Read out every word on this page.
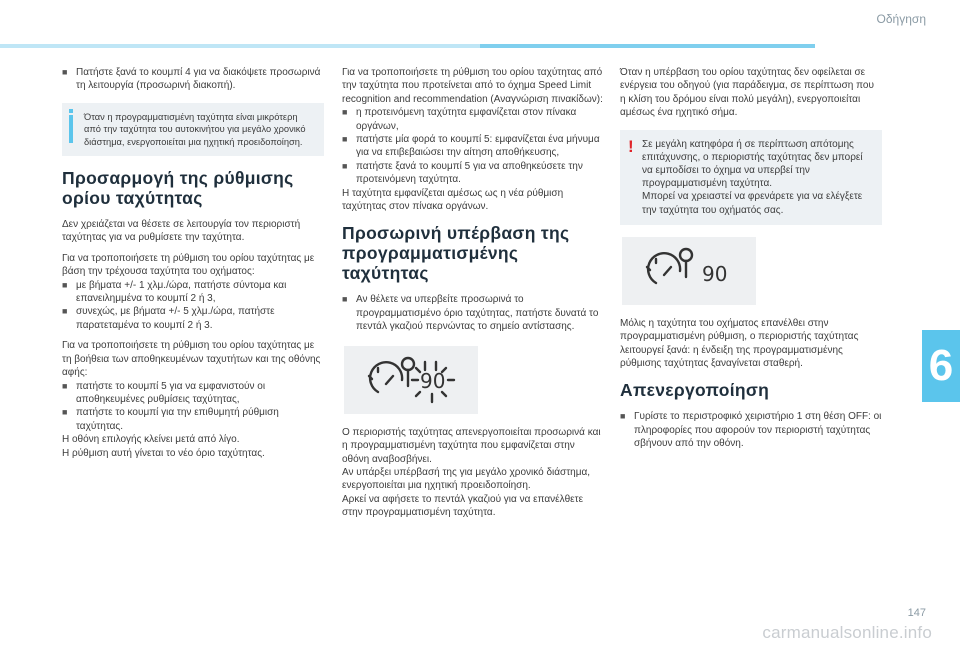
Οδήγηση
6
■ Πατήστε ξανά το κουμπί 4 για να διακόψετε προσωρινά τη λειτουργία (προσωρινή διακοπή).
Όταν η προγραμματισμένη ταχύτητα είναι μικρότερη από την ταχύτητα του αυτοκινήτου για μεγάλο χρονικό διάστημα, ενεργοποιείται μια ηχητική προειδοποίηση.
Προσαρμογή της ρύθμισης ορίου ταχύτητας

Δεν χρειάζεται να θέσετε σε λειτουργία τον περιοριστή ταχύτητας για να ρυθμίσετε την ταχύτητα.

Για να τροποποιήσετε τη ρύθμιση του ορίου ταχύτητας με βάση την τρέχουσα ταχύτητα του οχήματος:

■ με βήματα +/- 1 χλμ./ώρα, πατήστε σύντομα και επανειλημμένα το κουμπί 2 ή 3,
■ συνεχώς, με βήματα +/- 5 χλμ./ώρα, πατήστε παρατεταμένα το κουμπί 2 ή 3.

Για να τροποποιήσετε τη ρύθμιση του ορίου ταχύτητας με τη βοήθεια των αποθηκευμένων ταχυτήτων και της οθόνης αφής:

■ πατήστε το κουμπί 5 για να εμφανιστούν οι αποθηκευμένες ρυθμίσεις ταχύτητας,
■ πατήστε το κουμπί για την επιθυμητή ρύθμιση ταχύτητας.

Η οθόνη επιλογής κλείνει μετά από λίγο.

Η ρύθμιση αυτή γίνεται το νέο όριο ταχύτητας.

Για να τροποποιήσετε τη ρύθμιση του ορίου ταχύτητας από την ταχύτητα που προτείνεται από το όχημα Speed Limit recognition and recommendation (Αναγνώριση πινακίδων):

■ η προτεινόμενη ταχύτητα εμφανίζεται στον πίνακα οργάνων,
■ πατήστε μία φορά το κουμπί 5: εμφανίζεται ένα μήνυμα για να επιβεβαιώσει την αίτηση αποθήκευσης,
■ πατήστε ξανά το κουμπί 5 για να αποθηκεύσετε την προτεινόμενη ταχύτητα.

Η ταχύτητα εμφανίζεται αμέσως ως η νέα ρύθμιση ταχύτητας στον πίνακα οργάνων.

Προσωρινή υπέρβαση της προγραμματισμένης ταχύτητας
■ Αν θέλετε να υπερβείτε προσωρινά το προγραμματισμένο όριο ταχύτητας, πατήστε δυνατά το πεντάλ γκαζιού περνώντας το σημείο αντίστασης.
90

Ο περιοριστής ταχύτητας απενεργοποιείται προσωρινά και η προγραμματισμένη ταχύτητα που εμφανίζεται στην οθόνη αναβοσβήνει.

Αν υπάρξει υπέρβασή της για μεγάλο χρονικό διάστημα, ενεργοποιείται μια ηχητική προειδοποίηση.

Αρκεί να αφήσετε το πεντάλ γκαζιού για να επανέλθετε στην προγραμματισμένη ταχύτητα.

Όταν η υπέρβαση του ορίου ταχύτητας δεν οφείλεται σε ενέργεια του οδηγού (για παράδειγμα, σε περίπτωση που η κλίση του δρόμου είναι πολύ μεγάλη), ενεργοποιείται αμέσως ένα ηχητικό σήμα.

! Σε μεγάλη κατηφόρα ή σε περίπτωση απότομης επιτάχυνσης, ο περιοριστής ταχύτητας δεν μπορεί να εμποδίσει το όχημα να υπερβεί την προγραμματισμένη ταχύτητα.
Μπορεί να χρειαστεί να φρενάρετε για να ελέγξετε την ταχύτητα του οχήματός σας.
90

Μόλις η ταχύτητα του οχήματος επανέλθει στην προγραμματισμένη ρύθμιση, ο περιοριστής ταχύτητας λειτουργεί ξανά: η ένδειξη της προγραμματισμένης ρύθμισης ταχύτητας ξαναγίνεται σταθερή.

Απενεργοποίηση
■ Γυρίστε το περιστροφικό χειριστήριο 1 στη θέση OFF: οι πληροφορίες που αφορούν τον περιοριστή ταχύτητας σβήνουν από την οθόνη.
147
carmanualsonline.info
